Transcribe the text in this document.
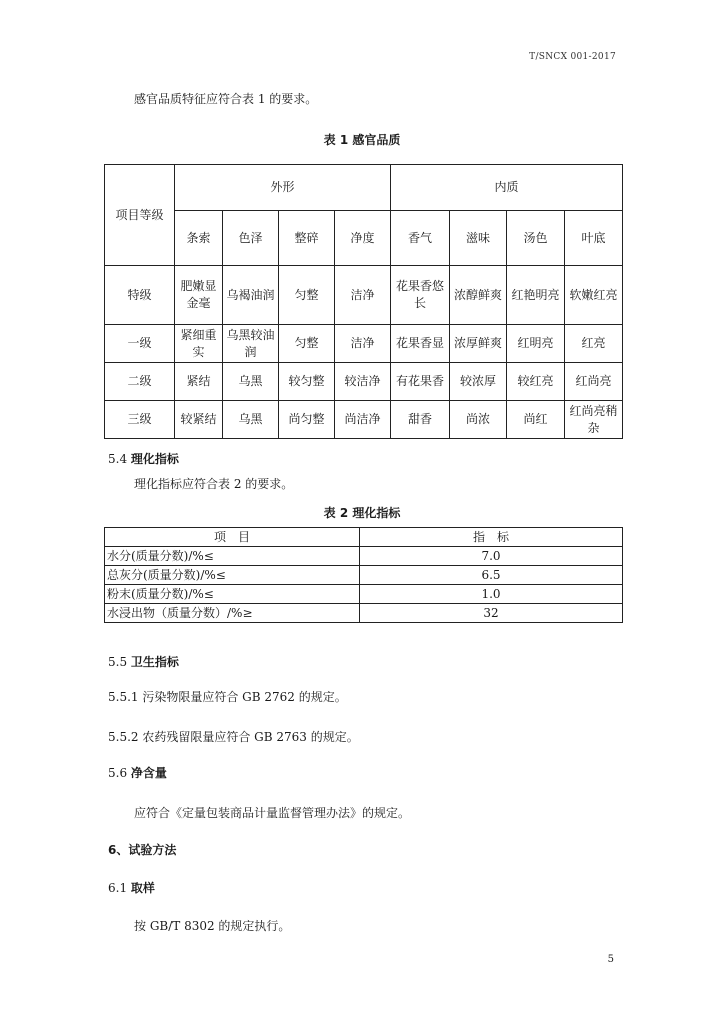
T/SNCX 001-2017
感官品质特征应符合表 1 的要求。
表 1 感官品质
项目等级	外形				内质			
	条索	色泽	整碎	净度	香气	滋味	汤色	叶底
特级	肥嫩显金毫	乌褐油润	匀整	洁净	花果香悠长	浓醇鲜爽	红艳明亮	软嫩红亮
一级	紧细重实	乌黑较油润	匀整	洁净	花果香显	浓厚鲜爽	红明亮	红亮
二级	紧结	乌黑	较匀整	较洁净	有花果香	较浓厚	较红亮	红尚亮
三级	较紧结	乌黑	尚匀整	尚洁净	甜香	尚浓	尚红	红尚亮稍杂
5.4 理化指标
理化指标应符合表 2 的要求。
表 2 理化指标
项　目	指　标
水分(质量分数)/%≤	7.0
总灰分(质量分数)/%≤	6.5
粉末(质量分数)/%≤	1.0
水浸出物（质量分数）/%≥	32
5.5 卫生指标
5.5.1 污染物限量应符合 GB 2762 的规定。
5.5.2 农药残留限量应符合 GB 2763 的规定。
5.6 净含量
应符合《定量包装商品计量监督管理办法》的规定。
6、试验方法
6.1 取样
按 GB/T 8302 的规定执行。
5
